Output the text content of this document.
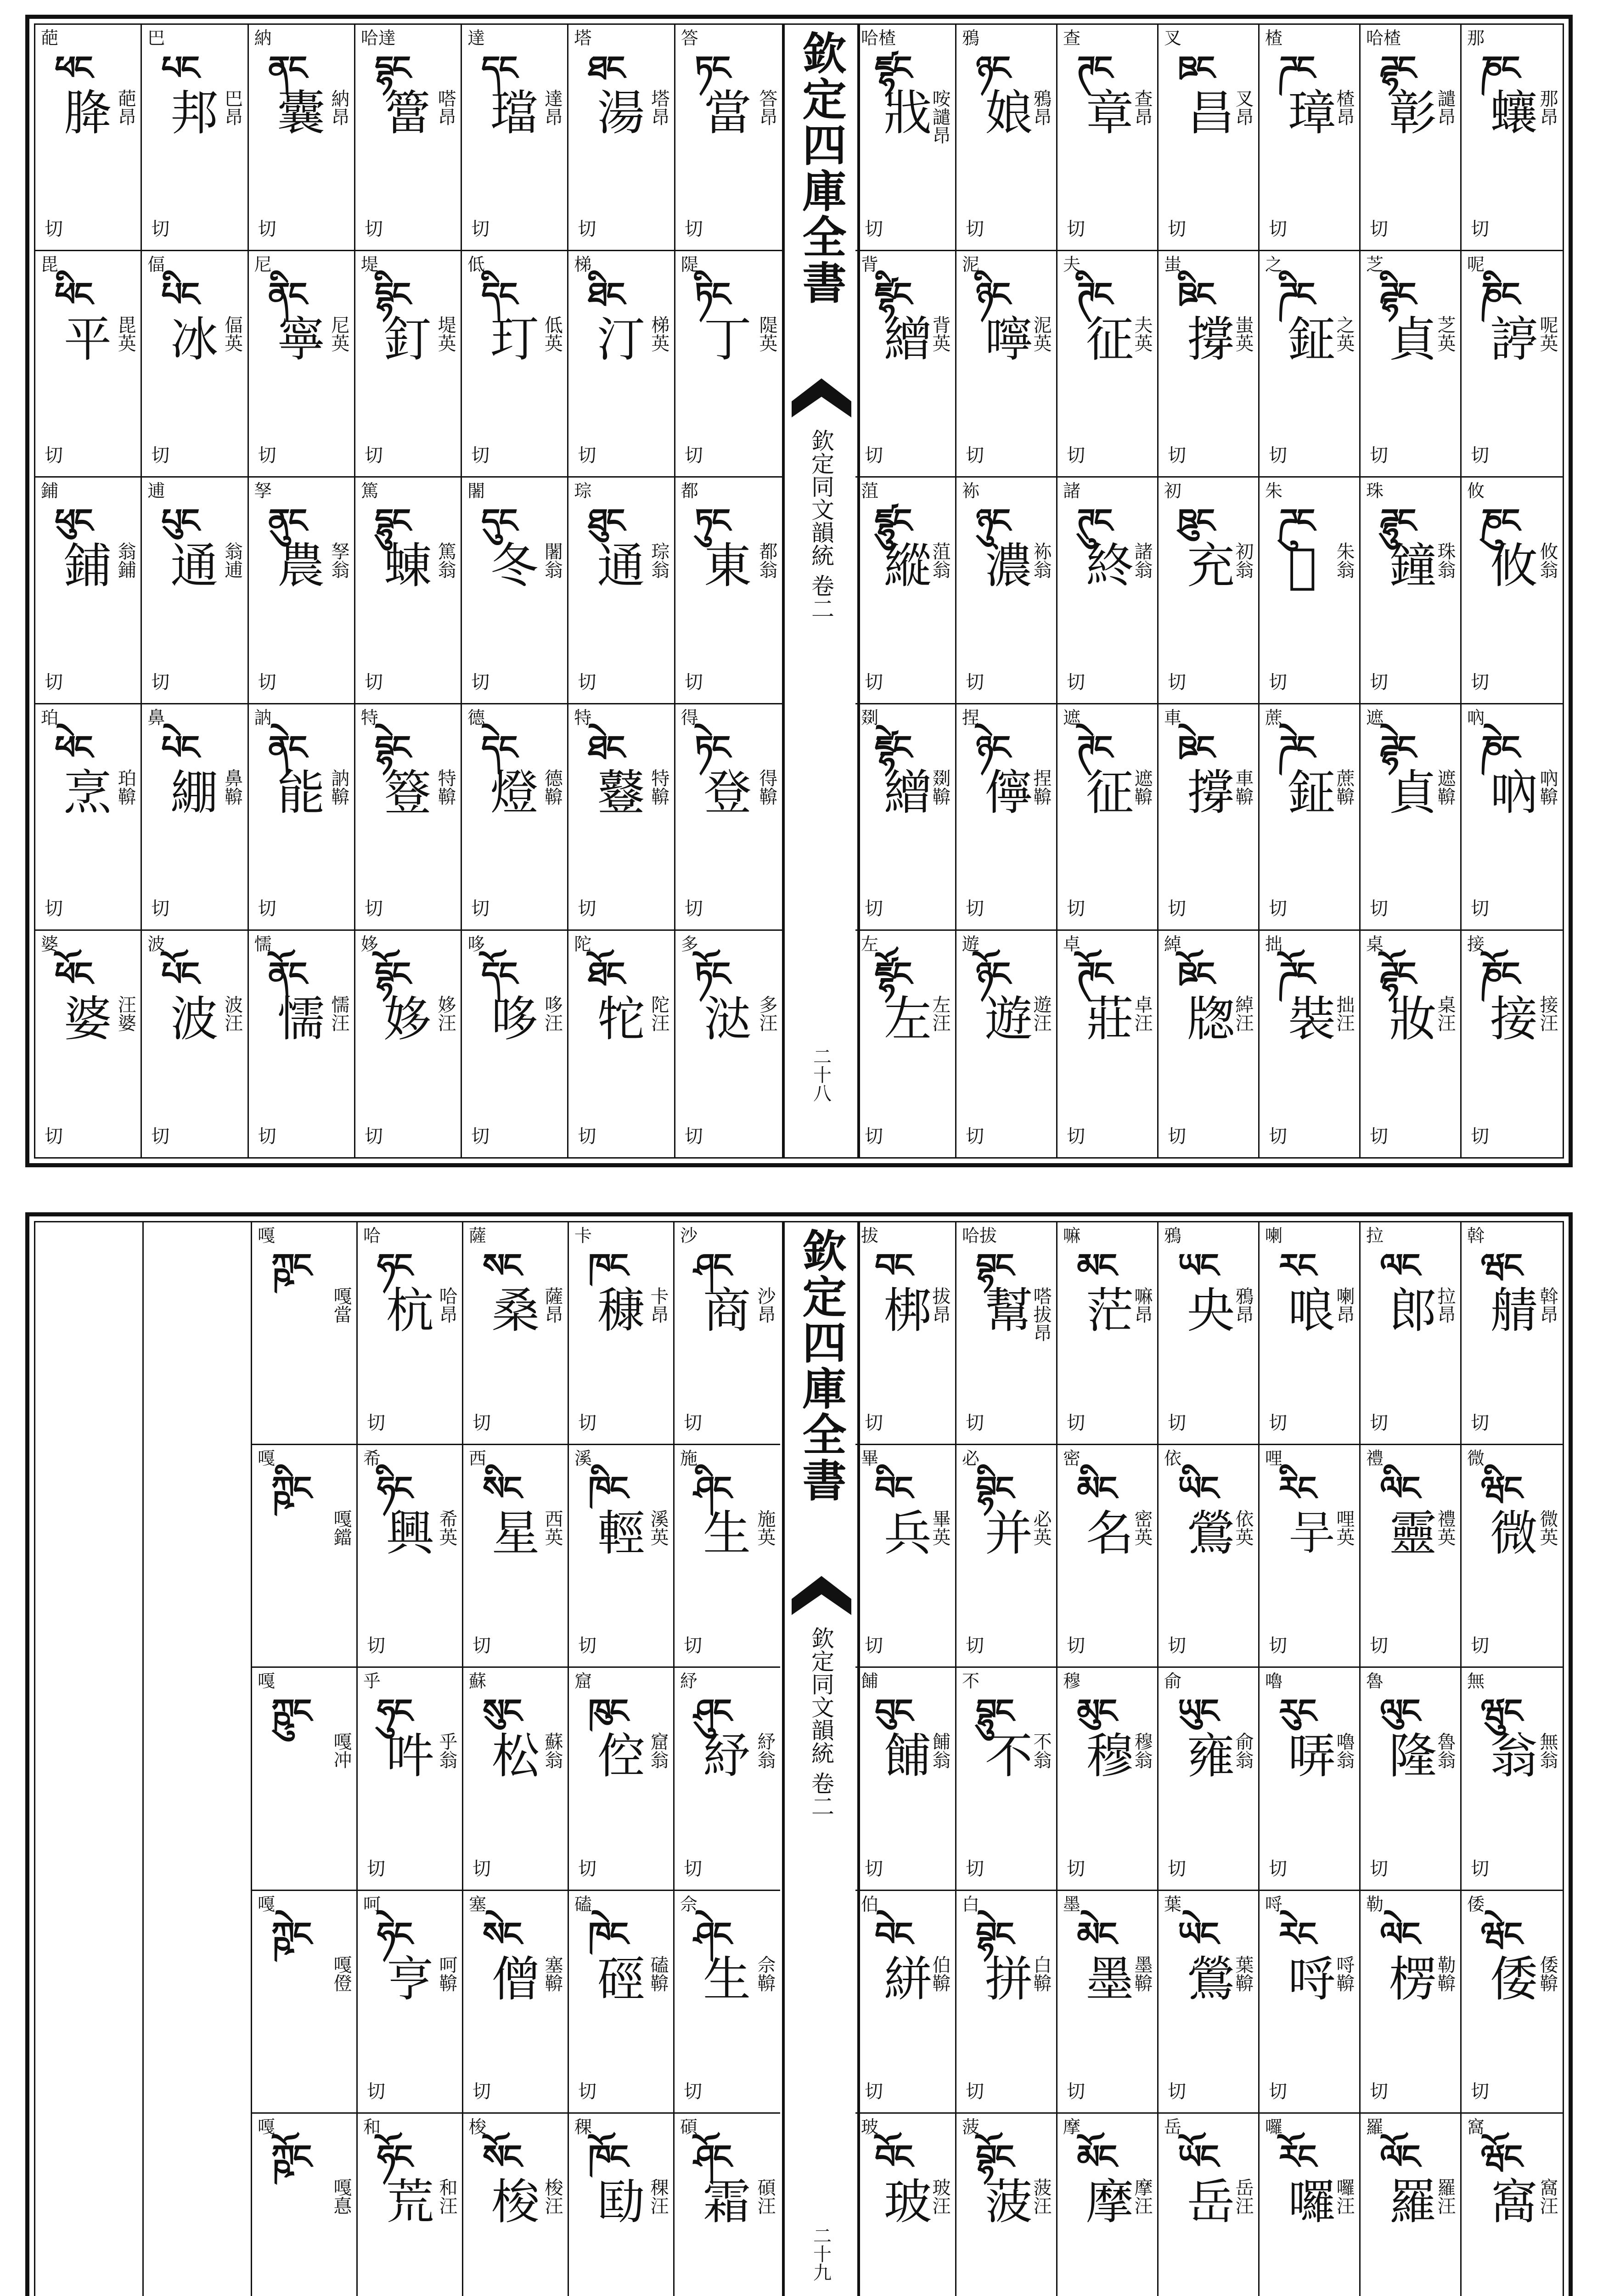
葩
ཕང
胮 葩昂
切
巴
པང
邦 巴昂
切
納
ནང
囊 納昂
切
哈達
དྷང
簹 嗒昂
切
達
དང
璫 達昂
切
塔
ཐང
湯 塔昂
切
答
ཏང
當 答昂
切
毘
ཕིང
平 毘英
切
偪
པིང
冰 偪英
切
尼
ནིང
寧 尼英
切
堤
དྷིང
釘 堤英
切
低
དིང
玎 低英
切
梯
ཐིང
汀 梯英
切
隄
ཏིང
丁 隄英
切
鋪
ཕུང
鋪 翁鋪
切
逋
པུང
通 翁逋
切
孥
ནུང
農 孥翁
切
篤
དྷུང
蝀 篤翁
切
闍
དུང
冬 闍翁
切
琮
ཐུང
通 琮翁
切
都
ཏུང
東 都翁
切
珀
ཕེང
烹 珀鞥
切
鼻
པེང
綳 鼻鞥
切
訥
ནེང
能 訥鞥
切
特
དྷེང
簦 特鞥
切
德
དེང
燈 德鞥
切
特
ཐེང
鼟 特鞥
切
得
ཏེང
登 得鞥
切
婆
ཕོང
婆 汪婆
切
波
པོང
波 波汪
切
懦
ནོང
懦 懦汪
切
姼
དྷོང
姼 姼汪
切
哆
དོང
哆 哆汪
切
陀
ཐོང
㸰 陀汪
切
多
ཏོང
㳠 多汪
切
欽定四庫全書
欽定同文韻統 卷二
二十八
哈楂
ཛྷང
戕
咹譴昂
切
鴉
ཉང
娘
鴉昂
切
查
ཊང
章
查昂
切
叉
ཋང
昌
叉昂
切
楂
ཌང
璋
楂昂
切
哈楂
ཌྷང
彰
譴昂
切
那
ཎང
蠰
那昂
切
背
ཛྷིང
繒
背英
切
泥
ཉིང
嚀
泥英
切
夫
ཊིང
征
夫英
切
蚩
ཋིང
撐
蚩英
切
之
ཌིང
鉦
之英
切
芝
ཌྷིང
貞
芝英
切
呢
ཎིང
諪
呢英
切
菹
ཛྷུང
縱
菹翁
切
袮
ཉུང
濃
袮翁
切
諸
ཊུང
終
諸翁
切
初
ཋུང
充
初翁
切
朱
ཌུང
𨦟 朱翁
切
珠
ཌྷུང
鐘
珠翁
切
攸
ཎུང
攸
攸翁
切
剟
ཛྷེང
繒
剟鞥
切
捏
ཉེང
儜
捏鞥
切
遮
ཊེང
征
遮鞥
切
車
ཋེང
撐
車鞥
切
蔗
ཌེང
鉦
蔗鞥
切
遮
ཌྷེང
貞
遮鞥
切
吶
ཎེང
吶
吶鞥
切
左
ཛྷོང
左
左汪
切
遊
ཉོང
遊
遊汪
切
卓
ཊོང
莊
卓汪
切
綽
ཋོང
牎
綽汪
切
拙
ཌོང
裝
拙汪
切
桌
ཌྷོང
妝
桌汪
切
接
ཎོང
接
接汪
切
嘎
ཀྵང
嘎當
哈
ཧང
杭 哈昂
切
薩
སང
桑 薩昂
切
卡
ཁང
穅 卡昂
切
沙
ཤང
商 沙昂
切
嘎
ཀྵིང
嘎鐺
希
ཧིང
興 希英
切
西
སིང
星 西英
切
溪
ཁིང
輕 溪英
切
施
ཤིང
生 施英
切
嘎
ཀྵུང
嘎冲
乎
ཧུང
吽 乎翁
切
蘇
སུང
松 蘇翁
切
窟
ཁུང
倥 窟翁
切
紓
ཤུང
紓 紓翁
切
嘎
ཀྵེང
嘎僜
呵
ཧེང
亨 呵鞥
切
塞
སེང
僧 塞鞥
切
磕
ཁེང
硜 磕鞥
切
佘
ཤེང
生 佘鞥
切
嘎
ཀྵོང
嘎惪
和
ཧོང
荒 和汪
梭
སོང
梭 梭汪
稞
ཁོང
劻 稞汪
碩
ཤོང
霜 碩汪
欽定四庫全書
欽定同文韻統 卷二
二十九
拔
བང
梆
拔昂
切
哈拔
བྷང
幫
嗒拔昂
切
嘛
མང
茫
嘛昂
切
鴉
ཡང
央
鴉昂
切
喇
རང
哴
喇昂
切
拉
ལང
郎
拉昂
切
斡
ཝང
䑶
斡昂
切
畢
བིང
兵
畢英
切
必
བྷིང
并
必英
切
密
མིང
名
密英
切
依
ཡིང
鶯
依英
切
哩
རིང
𠯊
哩英
切
禮
ལིང
靈
禮英
切
微
ཝིང
微
微英
切
餔
བུང
餔
餔翁
切
不
བྷུང
不
不翁
切
穆
མུང
穆
穆翁
切
俞
ཡུང
雍
俞翁
切
嚕
རུང
哢
嚕翁
切
魯
ལུང
隆
魯翁
切
無
ཝུང
翁
無翁
切
伯
བེང
絣
伯鞥
切
白
བྷེང
拼
白鞥
切
墨
མེང
墨
墨鞥
切
葉
ཡེང
鶯
葉鞥
切
哷
རེང
哷
哷鞥
切
勒
ལེང
楞
勒鞥
切
倭
ཝེང
倭
倭鞥
切
玻
བོང
玻
玻汪
菠
བྷོང
菠
菠汪
摩
མོང
摩
摩汪
岳
ཡོང
岳
岳汪
囉
རོང
囉
囉汪
羅
ལོང
羅
羅汪
窩
ཝོང
窩
窩汪
